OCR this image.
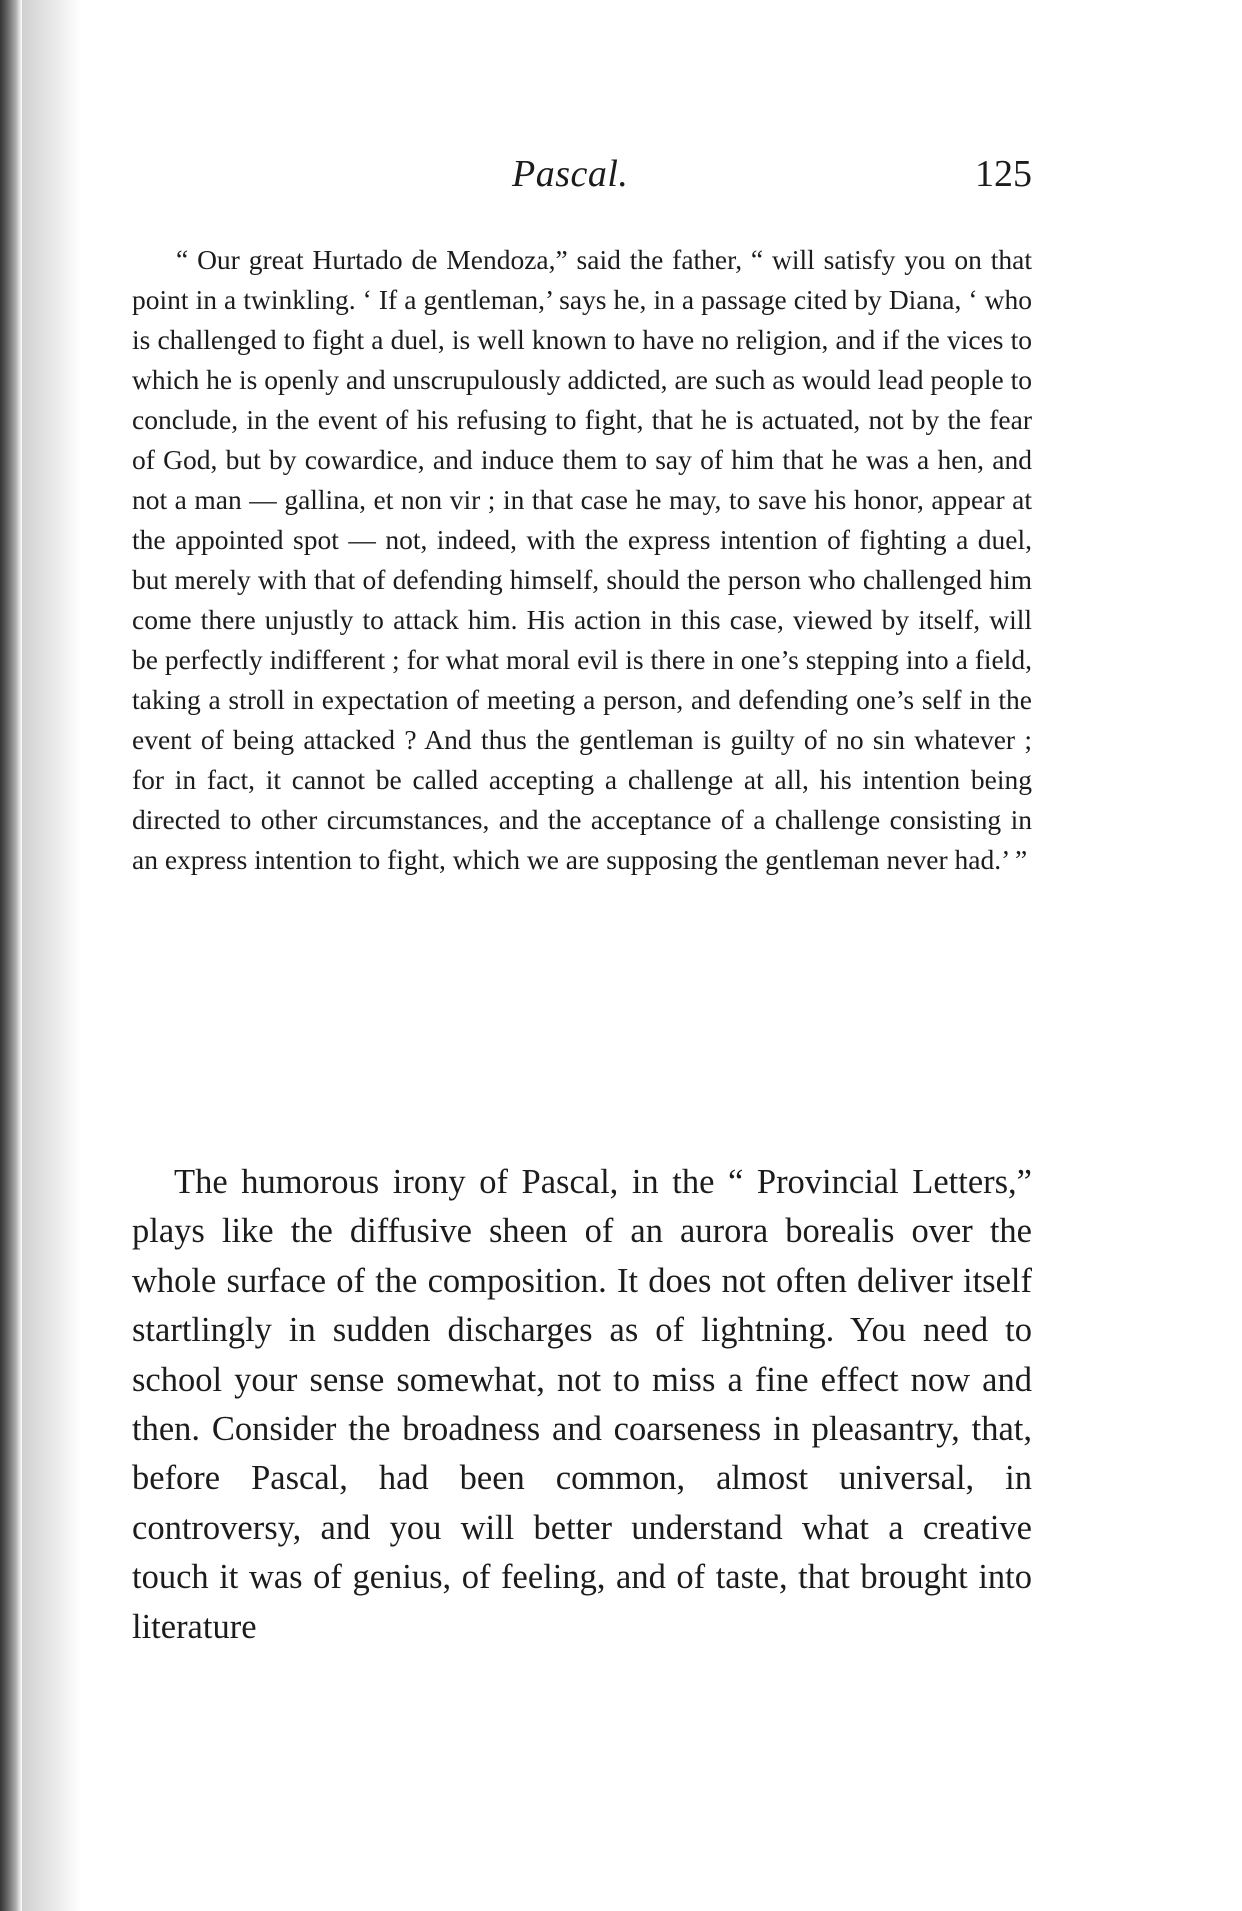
Pascal.	125

“ Our great Hurtado de Mendoza,” said the father, “ will satisfy you on that point in a twinkling. ‘ If a gentleman,’ says he, in a passage cited by Diana, ‘ who is challenged to fight a duel, is well known to have no religion, and if the vices to which he is openly and unscrupulously addicted, are such as would lead people to conclude, in the event of his refusing to fight, that he is actuated, not by the fear of God, but by cowardice, and induce them to say of him that he was a hen, and not a man — gallina, et non vir ; in that case he may, to save his honor, appear at the appointed spot — not, indeed, with the express intention of fighting a duel, but merely with that of defending himself, should the person who challenged him come there unjustly to attack him. His action in this case, viewed by itself, will be perfectly indifferent ; for what moral evil is there in one’s stepping into a field, taking a stroll in expectation of meeting a person, and defending one’s self in the event of being attacked ? And thus the gentleman is guilty of no sin whatever ; for in fact, it cannot be called accepting a challenge at all, his intention being directed to other circumstances, and the acceptance of a challenge consisting in an express intention to fight, which we are supposing the gentleman never had.’ ”

The humorous irony of Pascal, in the “ Provincial Letters,” plays like the diffusive sheen of an aurora borealis over the whole surface of the composition. It does not often deliver itself startlingly in sudden discharges as of lightning. You need to school your sense somewhat, not to miss a fine effect now and then. Consider the broadness and coarseness in pleasantry, that, before Pascal, had been common, almost universal, in controversy, and you will better understand what a creative touch it was of genius, of feeling, and of taste, that brought into literature
